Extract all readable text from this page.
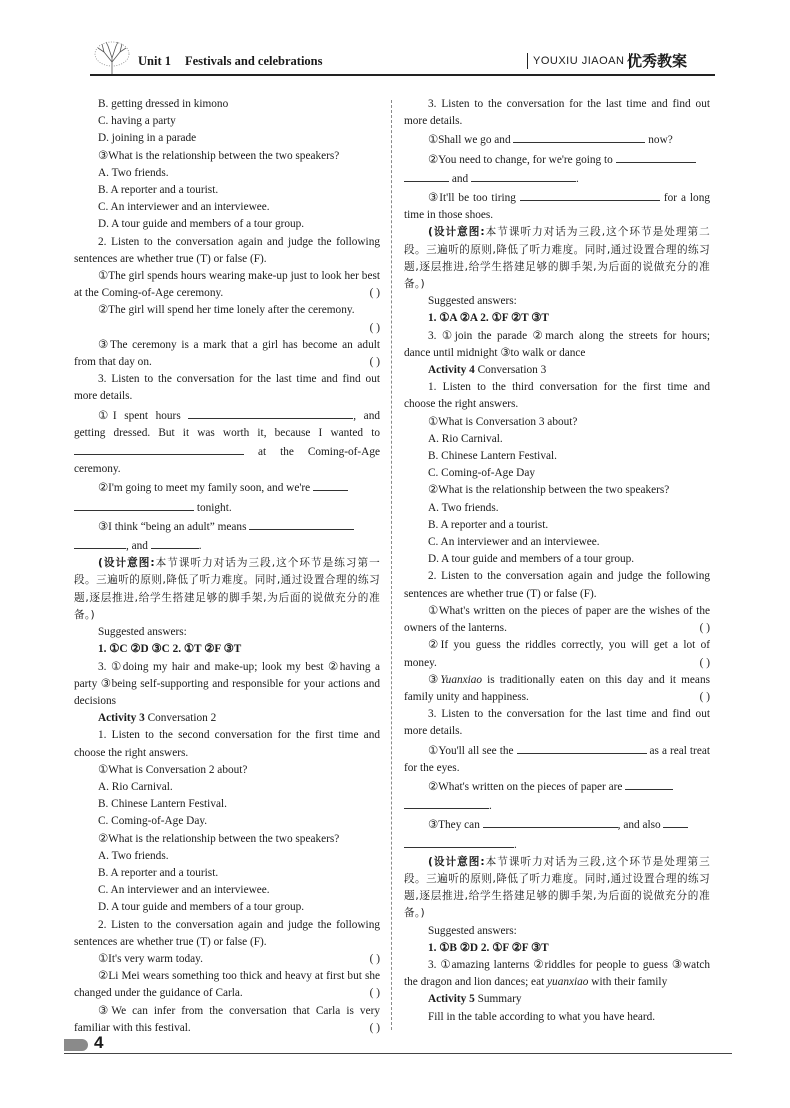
Unit 1 Festivals and celebrations	YOUXIU JIAOAN 优秀教案

B. getting dressed in kimono

C. having a party

D. joining in a parade

③What is the relationship between the two speakers?

A. Two friends.

B. A reporter and a tourist.

C. An interviewer and an interviewee.

D. A tour guide and members of a tour group.

2. Listen to the conversation again and judge the following sentences are whether true (T) or false (F).

①The girl spends hours wearing make-up just to look her best at the Coming-of-Age ceremony.	( )

②The girl will spend her time lonely after the ceremony.

( )

③The ceremony is a mark that a girl has become an adult from that day on.	( )

3. Listen to the conversation for the last time and find out more details.

①I spent hours	, and getting dressed. But it was worth it, because I wanted to  at the Coming-of-Age ceremony.

②I'm going to meet my family soon, and we're
tonight.

③I think “being an adult” means
, and	.

(设计意图:本节课听力对话为三段,这个环节是练习第一段。三遍听的原则,降低了听力难度。同时,通过设置合理的练习题,逐层推进,给学生搭建足够的脚手架,为后面的说做充分的准备。)

Suggested answers:

1. ①C ②D ③C 2. ①T ②F ③T

3. ①doing my hair and make-up; look my best ②having a party ③being self-supporting and responsible for your actions and decisions

Activity 3 Conversation 2

1. Listen to the second conversation for the first time and choose the right answers.

①What is Conversation 2 about?

A. Rio Carnival.

B. Chinese Lantern Festival.

C. Coming-of-Age Day.

②What is the relationship between the two speakers?

A. Two friends.

B. A reporter and a tourist.

C. An interviewer and an interviewee.

D. A tour guide and members of a tour group.

2. Listen to the conversation again and judge the following sentences are whether true (T) or false (F).

①It's very warm today.	( )

②Li Mei wears something too thick and heavy at first but she changed under the guidance of Carla.	( )

③We can infer from the conversation that Carla is very familiar with this festival.	( )

3. Listen to the conversation for the last time and find out more details.

①Shall we go and	now?

②You need to change, for we're going to
and	.

③It'll be too tiring	for a long time in those shoes.

(设计意图:本节课听力对话为三段,这个环节是处理第二段。三遍听的原则,降低了听力难度。同时,通过设置合理的练习题,逐层推进,给学生搭建足够的脚手架,为后面的说做充分的准备。)

Suggested answers:

1. ①A ②A 2. ①F ②T ③T

3. ①join the parade ②march along the streets for hours; dance until midnight ③to walk or dance

Activity 4 Conversation 3

1. Listen to the third conversation for the first time and choose the right answers.

①What is Conversation 3 about?

A. Rio Carnival.

B. Chinese Lantern Festival.

C. Coming-of-Age Day

②What is the relationship between the two speakers?

A. Two friends.

B. A reporter and a tourist.

C. An interviewer and an interviewee.

D. A tour guide and members of a tour group.

2. Listen to the conversation again and judge the following sentences are whether true (T) or false (F).

①What's written on the pieces of paper are the wishes of the owners of the lanterns.	( )

②If you guess the riddles correctly, you will get a lot of money.	( )

③Yuanxiao is traditionally eaten on this day and it means family unity and happiness.	( )

3. Listen to the conversation for the last time and find out more details.

①You'll all see the	as a real treat for the eyes.

②What's written on the pieces of paper are
.

③They can	, and also
.

(设计意图:本节课听力对话为三段,这个环节是处理第三段。三遍听的原则,降低了听力难度。同时,通过设置合理的练习题,逐层推进,给学生搭建足够的脚手架,为后面的说做充分的准备。)

Suggested answers:

1. ①B ②D 2. ①F ②F ③T

3. ①amazing lanterns ②riddles for people to guess ③watch the dragon and lion dances; eat yuanxiao with their family

Activity 5 Summary

Fill in the table according to what you have heard.

4
